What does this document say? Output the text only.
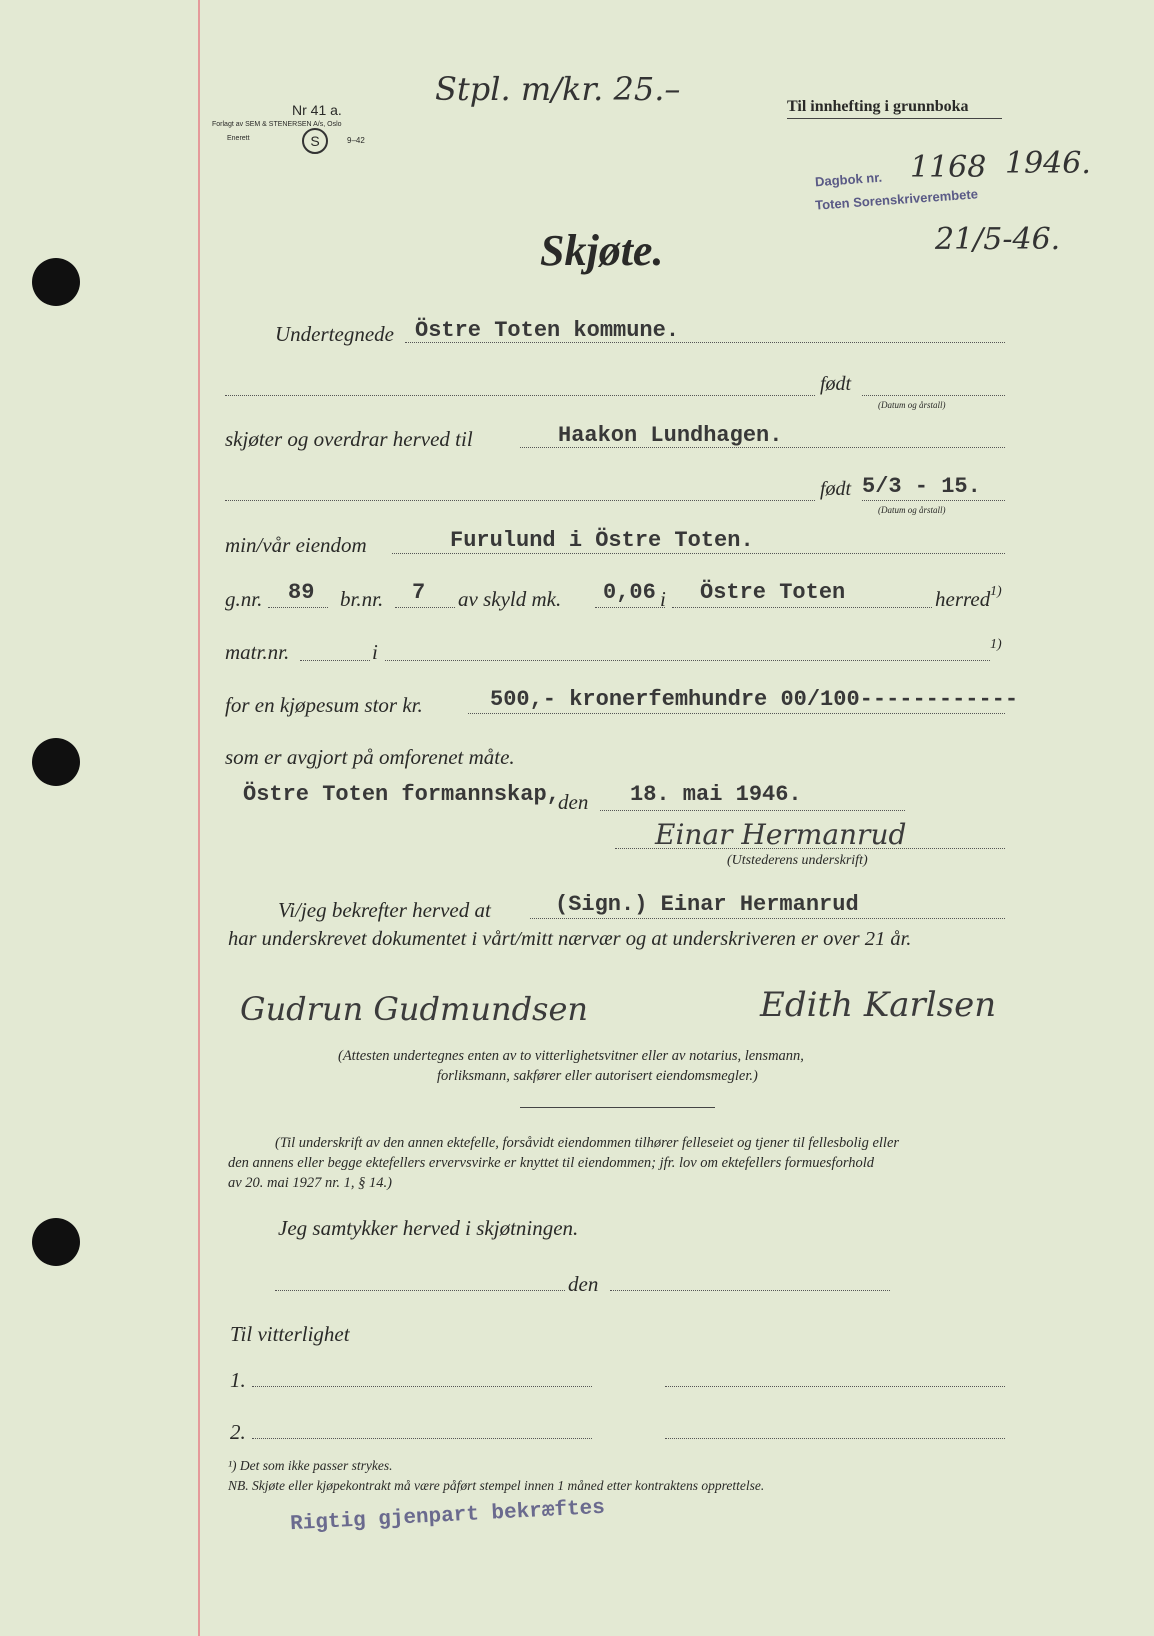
Nr 41 a.
Forlagt av SEM & STENERSEN A/s, Oslo
Enerett	S	9–42
Stpl. m/kr. 25.–	Til innhefting i grunnboka
Dagbok nr. 1168 1946.
Toten Sorenskriverembete
21/5-46.
Skjøte.
Undertegnede Östre Toten kommune.
født
(Datum og årstall)
skjøter og overdrar herved til	Haakon Lundhagen.
født 5/3 - 15.
(Datum og årstall)
min/vår eiendom	Furulund i Östre Toten.
g.nr. 89 br.nr. 7 av skyld mk. 0,06 i Östre Toten	herred 1)
matr.nr.	i	1)
for en kjøpesum stor kr.	500,- kronerfemhundre 00/100------------
som er avgjort på omforenet måte.
Östre Toten formannskap,
den 18. mai 1946.
Einar Hermanrud
(Utstederens underskrift)
Vi/jeg bekrefter herved at	(Sign.) Einar Hermanrud
har underskrevet dokumentet i vårt/mitt nærvær og at underskriveren er over 21 år.
Gudrun Gudmundsen	Edith Karlsen
(Attesten undertegnes enten av to vitterlighetsvitner eller av notarius, lensmann,
forliksmann, sakfører eller autorisert eiendomsmegler.)
(Til underskrift av den annen ektefelle, forsåvidt eiendommen tilhører felleseiet og tjener til fellesbolig eller
den annens eller begge ektefellers ervervsvirke er knyttet til eiendommen; jfr. lov om ektefellers formuesforhold
av 20. mai 1927 nr. 1, § 14.)
Jeg samtykker herved i skjøtningen.
den
Til vitterlighet
1.
2.
¹) Det som ikke passer strykes.
NB. Skjøte eller kjøpekontrakt må være påført stempel innen 1 måned etter kontraktens opprettelse.
Rigtig gjenpart bekræftes
